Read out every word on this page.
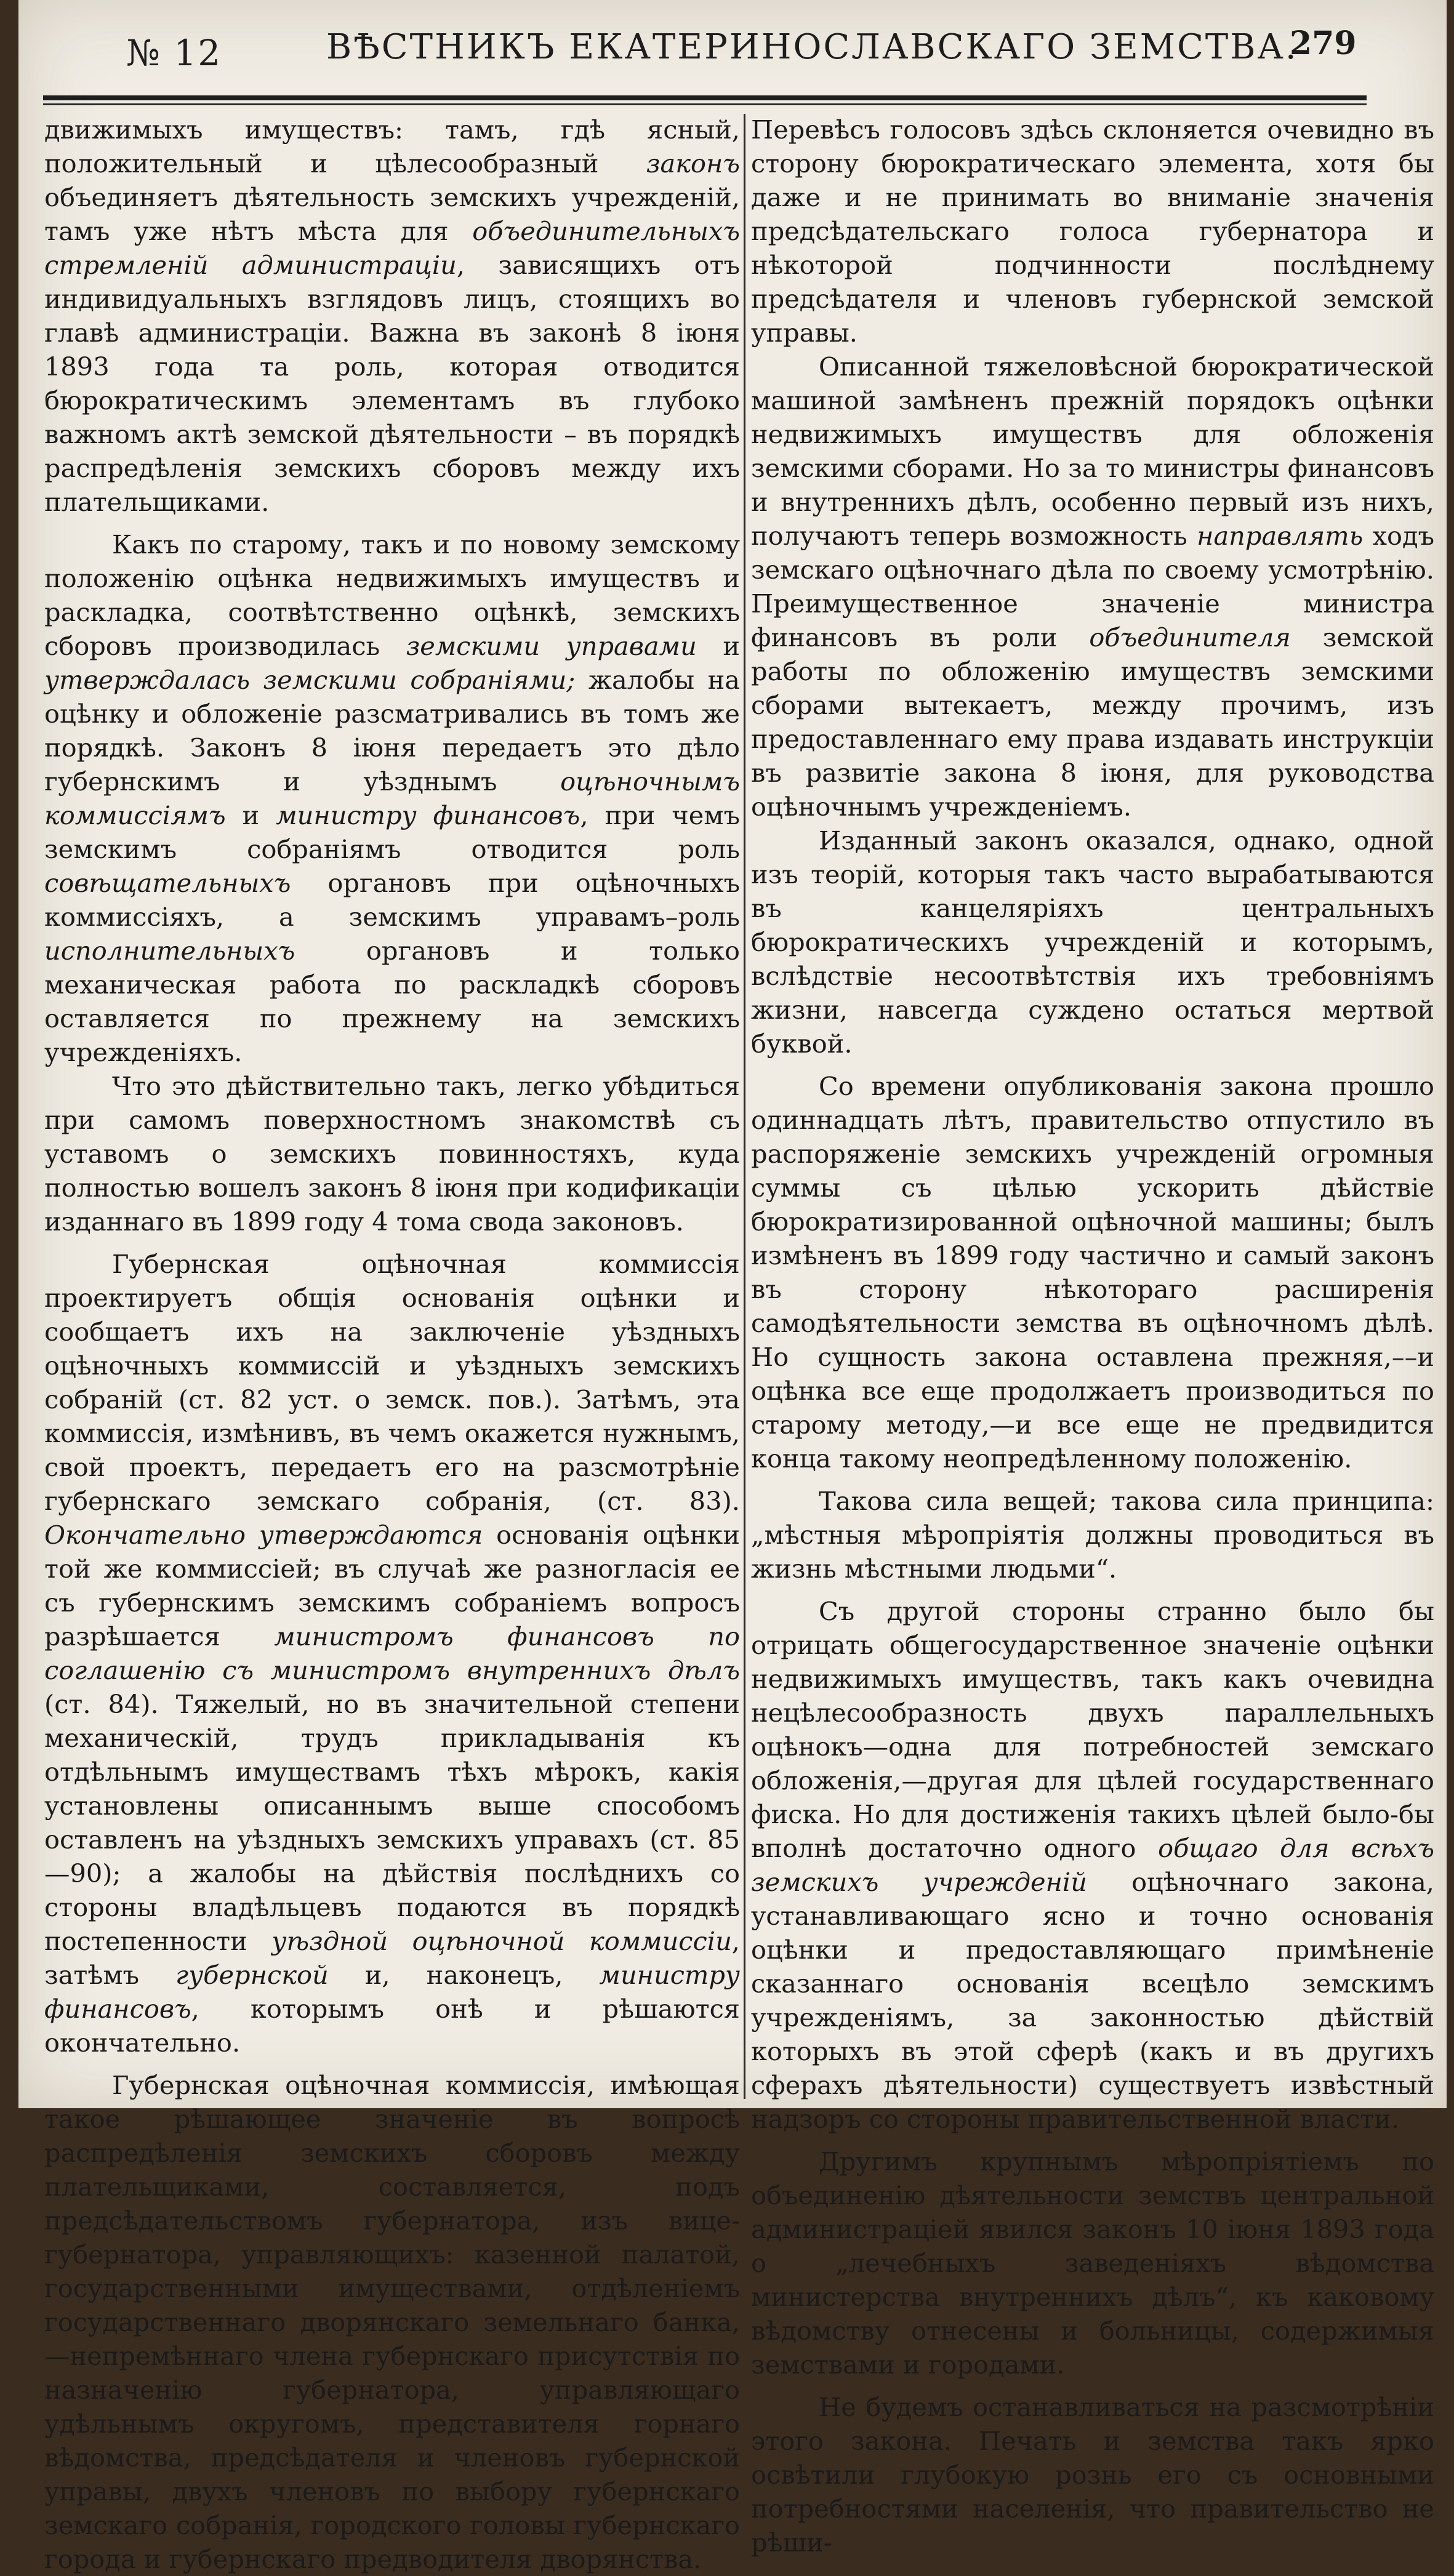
№ 12	ВѢСТНИКЪ ЕКАТЕРИНОСЛАВСКАГО ЗЕМСТВА.
279

движимыхъ имуществъ: тамъ, гдѣ ясный, положительный и цѣлесообразный законъ объединяетъ дѣятельность земскихъ учрежденій, тамъ уже нѣтъ мѣста для объединительныхъ стремленій администраціи, зависящихъ отъ индивидуальныхъ взглядовъ лицъ, стоящихъ во главѣ администраціи. Важна въ законѣ 8 іюня 1893 года та роль, которая отводится бюрократическимъ элементамъ въ глубоко важномъ актѣ земской дѣятельности – въ порядкѣ распредѣленія земскихъ сборовъ между ихъ плательщиками.

Какъ по старому, такъ и по новому земскому положенію оцѣнка недвижимыхъ имуществъ и раскладка, соотвѣтственно оцѣнкѣ, земскихъ сборовъ производилась земскими управами и утверждалась земскими собраніями; жалобы на оцѣнку и обложеніе разсматривались въ томъ же порядкѣ. Законъ 8 іюня передаетъ это дѣло губернскимъ и уѣзднымъ оцѣночнымъ коммиссіямъ и министру финансовъ, при чемъ земскимъ собраніямъ отводится роль совѣщательныхъ органовъ при оцѣночныхъ коммиссіяхъ, а земскимъ управамъ–роль исполнительныхъ органовъ и только механическая работа по раскладкѣ сборовъ оставляется по прежнему на земскихъ учрежденіяхъ.

Что это дѣйствительно такъ, легко убѣдиться при самомъ поверхностномъ знакомствѣ съ уставомъ о земскихъ повинностяхъ, куда полностью вошелъ законъ 8 іюня при кодификаціи изданнаго въ 1899 году 4 тома свода законовъ.

Губернская оцѣночная коммиссія проектируетъ общія основанія оцѣнки и сообщаетъ ихъ на заключеніе уѣздныхъ оцѣночныхъ коммиссій и уѣздныхъ земскихъ собраній (ст. 82 уст. о земск. пов.). Затѣмъ, эта коммиссія, измѣнивъ, въ чемъ окажется нужнымъ, свой проектъ, передаетъ его на разсмотрѣніе губернскаго земскаго собранія, (ст. 83). Окончательно утверждаются основанія оцѣнки той же коммиссіей; въ случаѣ же разногласія ее съ губернскимъ земскимъ собраніемъ вопросъ разрѣшается министромъ финансовъ по соглашенію съ министромъ внутреннихъ дѣлъ (ст. 84). Тяжелый, но въ значительной степени механическій, трудъ прикладыванія къ отдѣльнымъ имуществамъ тѣхъ мѣрокъ, какія установлены описаннымъ выше способомъ оставленъ на уѣздныхъ земскихъ управахъ (ст. 85—90); а жалобы на дѣйствія послѣднихъ со стороны владѣльцевъ подаются въ порядкѣ постепенности уѣздной оцѣночной коммиссіи, затѣмъ губернской и, наконецъ, министру финансовъ, которымъ онѣ и рѣшаются окончательно.

Губернская оцѣночная коммиссія, имѣющая такое рѣшающее значеніе въ вопросѣ распредѣленія земскихъ сборовъ между плательщиками, составляется, подъ предсѣдательствомъ губернатора, изъ вице-губернатора, управляющихъ: казенной палатой, государственными имуществами, отдѣленіемъ государственнаго дворянскаго земельнаго банка,—непремѣннаго члена губернскаго присутствія по назначенію губернатора, управляющаго удѣльнымъ округомъ, представителя горнаго вѣдомства, предсѣдателя и членовъ губернской управы, двухъ членовъ по выбору губернскаго земскаго собранія, городского головы губернскаго города и губернскаго предводителя дворянства.

Перевѣсъ голосовъ здѣсь склоняется очевидно въ сторону бюрократическаго элемента, хотя бы даже и не принимать во вниманіе значенія предсѣдательскаго голоса губернатора и нѣкоторой подчинности послѣднему предсѣдателя и членовъ губернской земской управы.

Описанной тяжеловѣсной бюрократической машиной замѣненъ прежній порядокъ оцѣнки недвижимыхъ имуществъ для обложенія земскими сборами. Но за то министры финансовъ и внутреннихъ дѣлъ, особенно первый изъ нихъ, получаютъ теперь возможность направлять ходъ земскаго оцѣночнаго дѣла по своему усмотрѣнію. Преимущественное значеніе министра финансовъ въ роли объединителя земской работы по обложенію имуществъ земскими сборами вытекаетъ, между прочимъ, изъ предоставленнаго ему права издавать инструкціи въ развитіе закона 8 іюня, для руководства оцѣночнымъ учрежденіемъ.

Изданный законъ оказался, однако, одной изъ теорій, которыя такъ часто вырабатываются въ канцеляріяхъ центральныхъ бюрократическихъ учрежденій и которымъ, вслѣдствіе несоотвѣтствія ихъ требовніямъ жизни, навсегда суждено остаться мертвой буквой.

Со времени опубликованія закона прошло одиннадцать лѣтъ, правительство отпустило въ распоряженіе земскихъ учрежденій огромныя суммы съ цѣлью ускорить дѣйствіе бюрократизированной оцѣночной машины; былъ измѣненъ въ 1899 году частично и самый законъ въ сторону нѣкотораго расширенія самодѣятельности земства въ оцѣночномъ дѣлѣ. Но сущность закона оставлена прежняя,––и оцѣнка все еще продолжаетъ производиться по старому методу,—и все еще не предвидится конца такому неопредѣленному положенію.

Такова сила вещей; такова сила принципа: „мѣстныя мѣропріятія должны проводиться въ жизнь мѣстными людьми“.

Съ другой стороны странно было бы отрицать общегосударственное значеніе оцѣнки недвижимыхъ имуществъ, такъ какъ очевидна нецѣлесообразность двухъ параллельныхъ оцѣнокъ—одна для потребностей земскаго обложенія,—другая для цѣлей государственнаго фиска. Но для достиженія такихъ цѣлей было-бы вполнѣ достаточно одного общаго для всѣхъ земскихъ учрежденій оцѣночнаго закона, устанавливающаго ясно и точно основанія оцѣнки и предоставляющаго примѣненіе сказаннаго основанія всецѣло земскимъ учрежденіямъ, за законностью дѣйствій которыхъ въ этой сферѣ (какъ и въ другихъ сферахъ дѣятельности) существуетъ извѣстный надзоръ со стороны правительственной власти.

Другимъ крупнымъ мѣропріятіемъ по объединенію дѣятельности земствъ центральной администраціей явился законъ 10 іюня 1893 года о „лечебныхъ заведеніяхъ вѣдомства министерства внутреннихъ дѣлъ“, къ каковому вѣдомству отнесены и больницы, содержимыя земствами и городами.

Не будемъ останавливаться на разсмотрѣніи этого закона. Печать и земства такъ ярко освѣтили глубокую рознь его съ основными потребностями населенія, что правительство не рѣши-
